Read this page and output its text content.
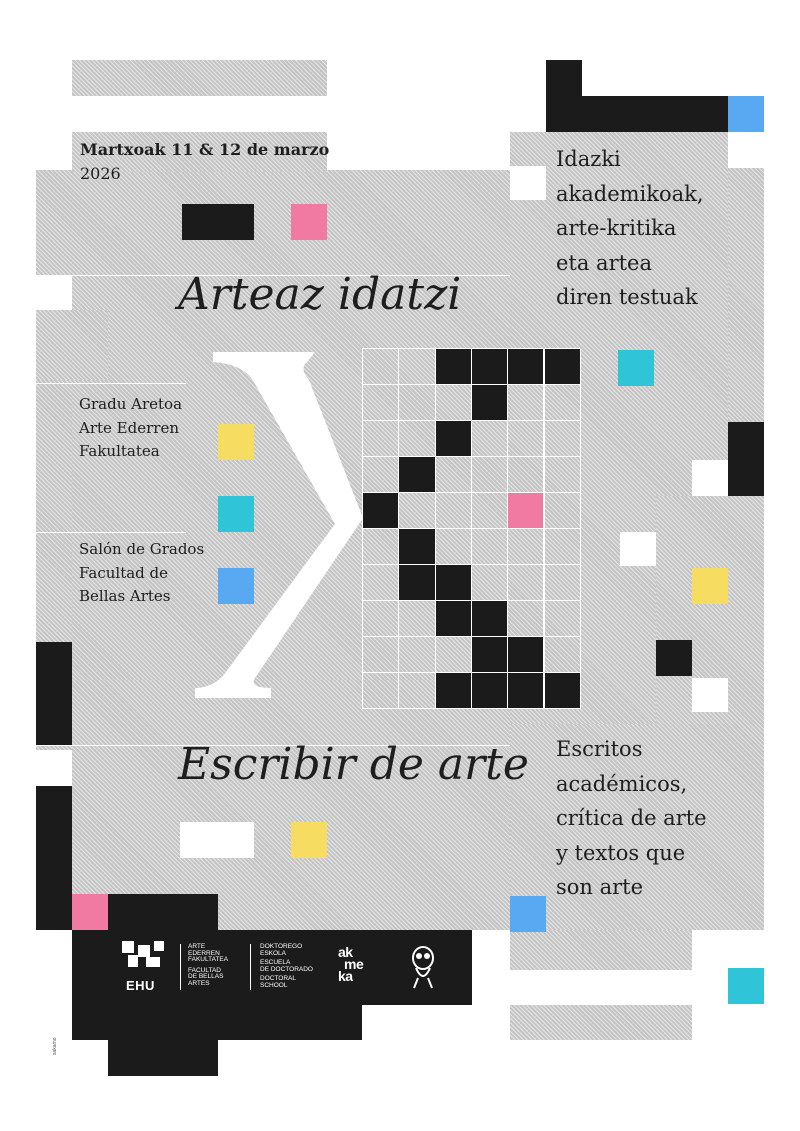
Martxoak 11 & 12 de marzo
2026
Idazki
akademikoak,
arte-kritika
eta artea
diren testuak
Arteaz idatzi
Gradu Aretoa
Arte Ederren
Fakultatea
Salón de Grados
Facultad de
Bellas Artes
Escribir de arte Escritos
académicos,
crítica de arte
y textos que
son arte
EHU
ARTE
EDERREN
FAKULTATEA
FACULTAD
DE BELLAS
ARTES
DOKTOREGO
ESKOLA
ESCUELA
DE DOCTORADO
DOCTORAL
SCHOOL
ak
me
ka
sakamo
